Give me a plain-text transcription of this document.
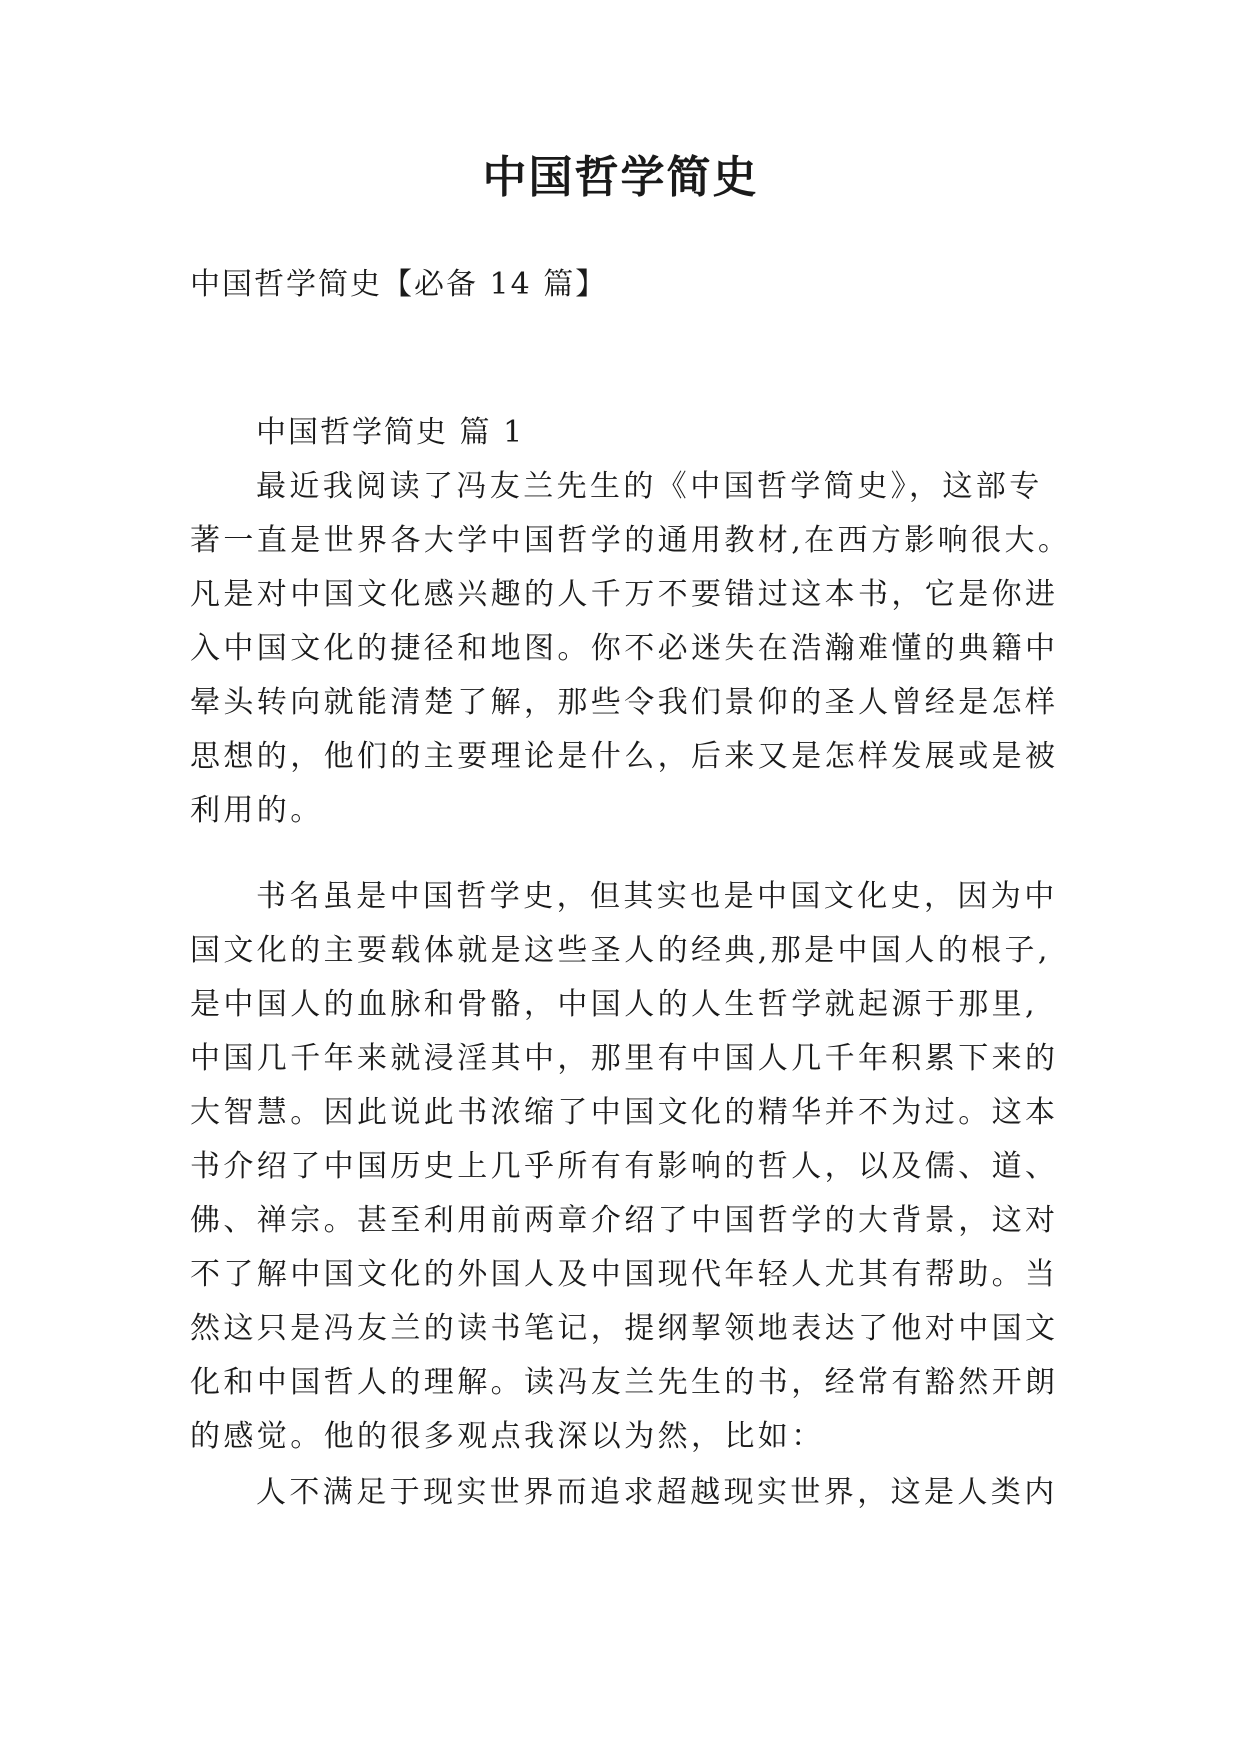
中国哲学简史

中国哲学简史【必备 14 篇】

中国哲学简史 篇 1

最近我阅读了冯友兰先生的《中国哲学简史》，这部专

著一直是世界各大学中国哲学的通用教材,在西方影响很大。

凡是对中国文化感兴趣的人千万不要错过这本书，它是你进

入中国文化的捷径和地图。你不必迷失在浩瀚难懂的典籍中

晕头转向就能清楚了解，那些令我们景仰的圣人曾经是怎样

思想的，他们的主要理论是什么，后来又是怎样发展或是被

利用的。

书名虽是中国哲学史，但其实也是中国文化史，因为中

国文化的主要载体就是这些圣人的经典,那是中国人的根子,

是中国人的血脉和骨骼，中国人的人生哲学就起源于那里,

中国几千年来就浸淫其中，那里有中国人几千年积累下来的

大智慧。因此说此书浓缩了中国文化的精华并不为过。这本

书介绍了中国历史上几乎所有有影响的哲人，以及儒、道、

佛、禅宗。甚至利用前两章介绍了中国哲学的大背景，这对

不了解中国文化的外国人及中国现代年轻人尤其有帮助。当

然这只是冯友兰的读书笔记，提纲挈领地表达了他对中国文

化和中国哲人的理解。读冯友兰先生的书，经常有豁然开朗

的感觉。他的很多观点我深以为然，比如：

人不满足于现实世界而追求超越现实世界，这是人类内
